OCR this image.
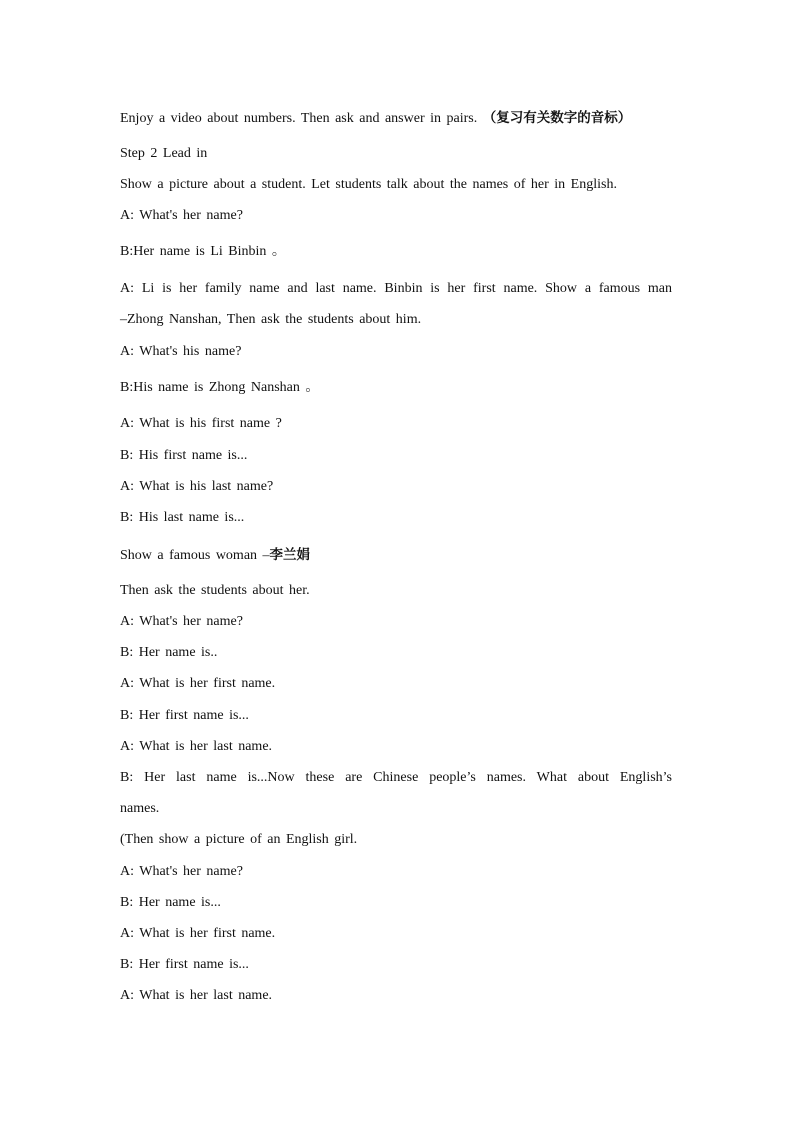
Enjoy a video about numbers. Then ask and answer in pairs. （复习有关数字的音标）
Step 2 Lead in
Show a picture about a student. Let students talk about the names of her in English.
A: What's her name?
B:Her name is Li Binbin 。
A: Li is her family name and last name. Binbin is her first name. Show a famous man
–Zhong Nanshan, Then ask the students about him.
A: What's his name?
B:His name is Zhong Nanshan 。
A: What is his first name ?
B: His first name is...
A: What is his last name?
B: His last name is...
Show a famous woman –李兰娟
Then ask the students about her.
A: What's her name?
B: Her name is..
A: What is her first name.
B: Her first name is...
A: What is her last name.
B: Her last name is...Now these are Chinese people’s names. What about English’s
names.
(Then show a picture of an English girl.
A: What's her name?
B: Her name is...
A: What is her first name.
B: Her first name is...
A: What is her last name.
